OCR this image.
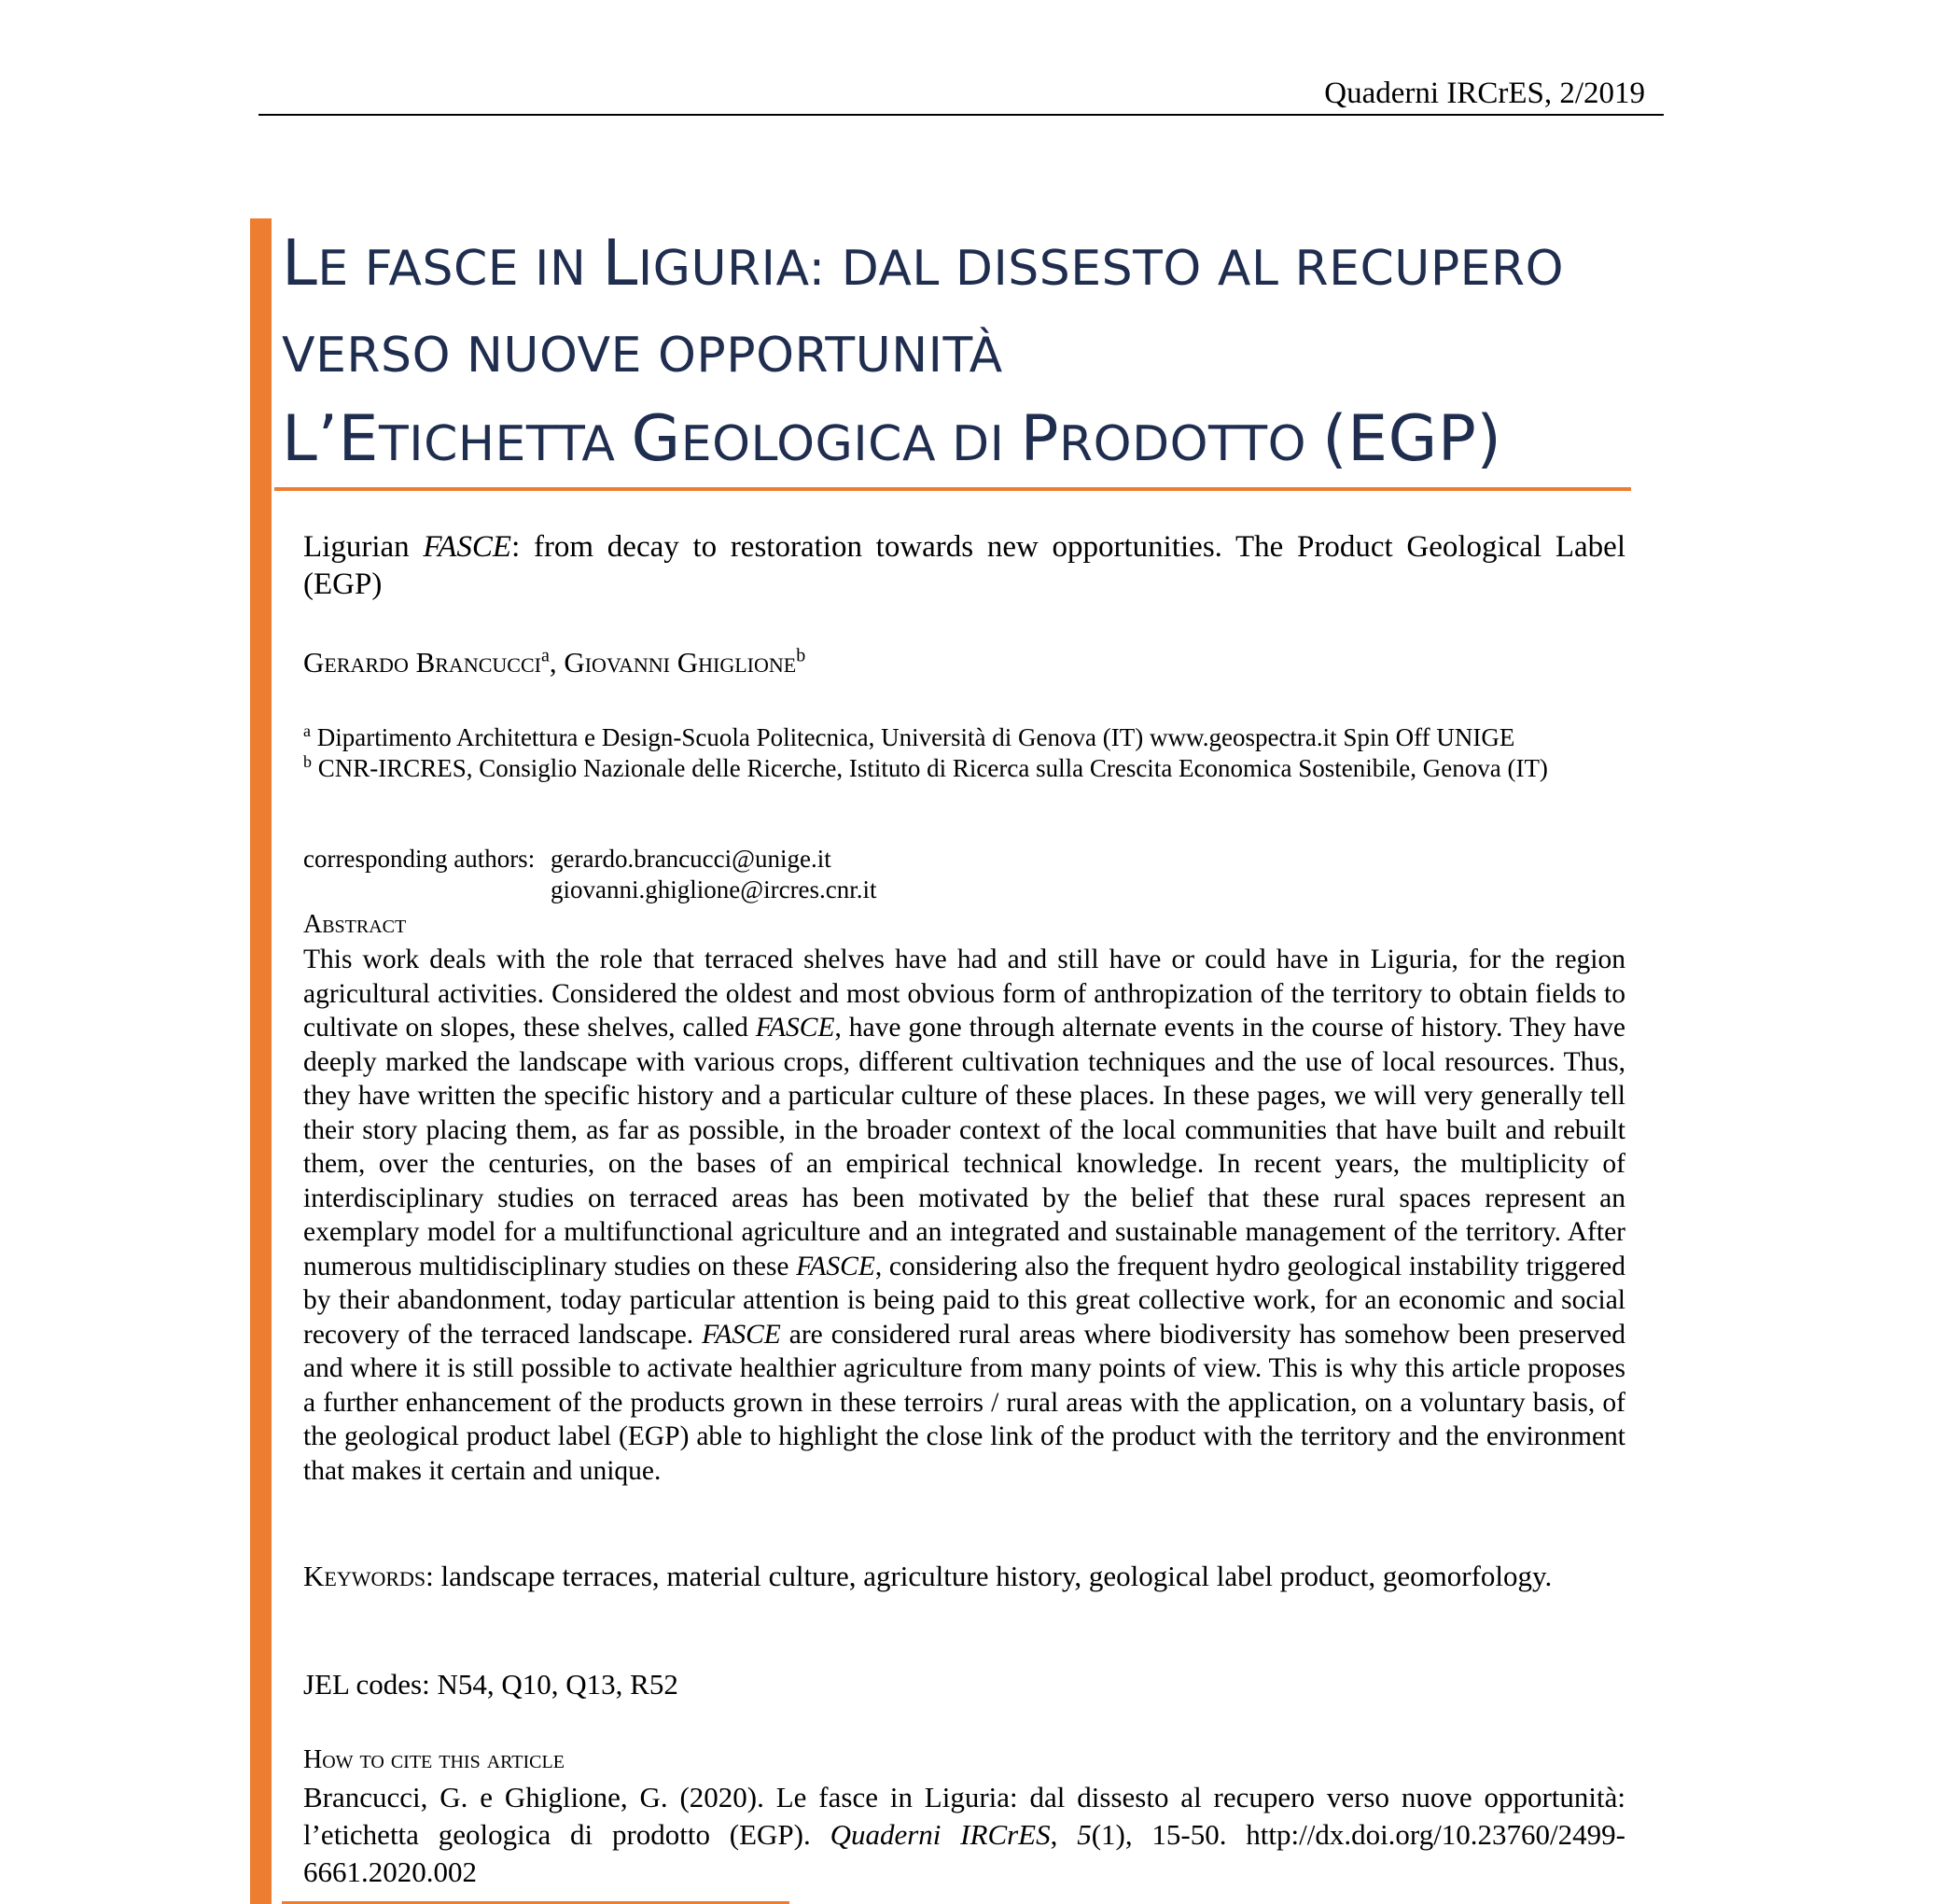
Quaderni IRCrES, 2/2019
LE FASCE IN LIGURIA: DAL DISSESTO AL RECUPERO
VERSO NUOVE OPPORTUNITÀ
L’ETICHETTA GEOLOGICA DI PRODOTTO (EGP)
Ligurian FASCE: from decay to restoration towards new opportunities. The Product Geological Label (EGP)
Gerardo Brancucci$^a$, Giovanni Ghiglione$^b$
$^a$ Dipartimento Architettura e Design-Scuola Politecnica, Università di Genova (IT) www.geospectra.it Spin Off UNIGE
$^b$ CNR-IRCRES, Consiglio Nazionale delle Ricerche, Istituto di Ricerca sulla Crescita Economica Sostenibile, Genova (IT)
corresponding authors: gerardo.brancucci@unige.it
giovanni.ghiglione@ircres.cnr.it
Abstract
This work deals with the role that terraced shelves have had and still have or could have in Liguria, for the region agricultural activities. Considered the oldest and most obvious form of anthropization of the territory to obtain fields to cultivate on slopes, these shelves, called FASCE, have gone through alternate events in the course of history. They have deeply marked the landscape with various crops, different cultivation techniques and the use of local resources. Thus, they have written the specific history and a particular culture of these places. In these pages, we will very generally tell their story placing them, as far as possible, in the broader context of the local communities that have built and rebuilt them, over the centuries, on the bases of an empirical technical knowledge. In recent years, the multiplicity of interdisciplinary studies on terraced areas has been motivated by the belief that these rural spaces represent an exemplary model for a multifunctional agriculture and an integrated and sustainable management of the territory. After numerous multidisciplinary studies on these FASCE, considering also the frequent hydro geological instability triggered by their abandonment, today particular attention is being paid to this great collective work, for an economic and social recovery of the terraced landscape. FASCE are considered rural areas where biodiversity has somehow been preserved and where it is still possible to activate healthier agriculture from many points of view. This is why this article proposes a further enhancement of the products grown in these terroirs / rural areas with the application, on a voluntary basis, of the geological product label (EGP) able to highlight the close link of the product with the territory and the environment that makes it certain and unique.
Keywords: landscape terraces, material culture, agriculture history, geological label product, geomorfology.
JEL codes: N54, Q10, Q13, R52
How to cite this article
Brancucci, G. e Ghiglione, G. (2020). Le fasce in Liguria: dal dissesto al recupero verso nuove opportunità: l’etichetta geologica di prodotto (EGP). Quaderni IRCrES, 5(1), 15-50. http://dx.doi.org/10.23760/2499-6661.2020.002
